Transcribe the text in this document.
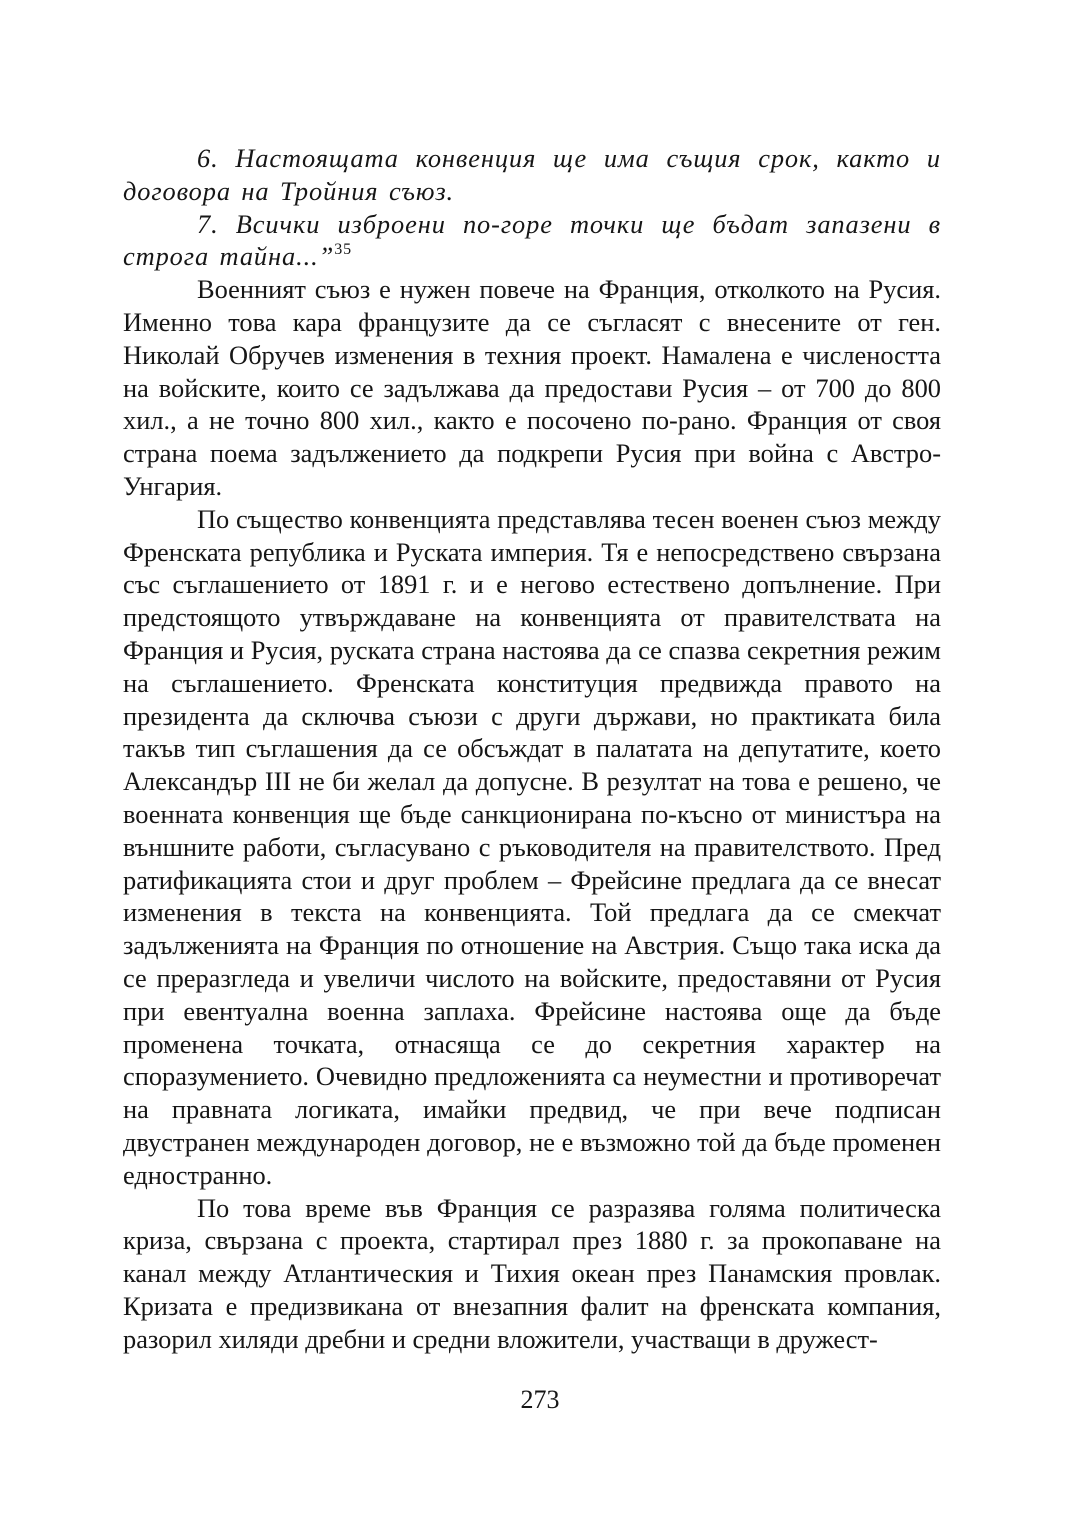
6. Настоящата конвенция ще има същия срок, както и договора на Тройния съюз.

7. Всички изброени по-горе точки ще бъдат запазени в строга тайна...”$^{35}$

Военният съюз е нужен повече на Франция, отколкото на Русия. Именно това кара французите да се съгласят с внесените от ген. Николай Обручев изменения в техния проект. Намалена е числеността на войските, които се задължава да предостави Русия – от 700 до 800 хил., а не точно 800 хил., както е посочено по-рано. Франция от своя страна поема задължението да подкрепи Русия при война с Австро-Унгария.

По същество конвенцията представлява тесен военен съюз между Френската република и Руската империя. Тя е непосредствено свързана със съглашението от 1891 г. и е негово естествено допълнение. При предстоящото утвърждаване на конвенцията от правителствата на Франция и Русия, руската страна настоява да се спазва секретния режим на съглашението. Френската конституция предвижда правото на президента да сключва съюзи с други държави, но практиката била такъв тип съглашения да се обсъждат в палатата на депутатите, което Александър III не би желал да допусне. В резултат на това е решено, че военната конвенция ще бъде санкционирана по-късно от министъра на външните работи, съгласувано с ръководителя на правителството. Пред ратификацията стои и друг проблем – Фрейсине предлага да се внесат изменения в текста на конвенцията. Той предлага да се смекчат задълженията на Франция по отношение на Австрия. Също така иска да се преразгледа и увеличи числото на войските, предоставяни от Русия при евентуална военна заплаха. Фрейсине настоява още да бъде променена точката, отнасяща се до секретния характер на споразумението. Очевидно предложенията са неуместни и противоречат на правната логиката, имайки предвид, че при вече подписан двустранен международен договор, не е възможно той да бъде променен едностранно.

По това време във Франция се разразява голяма политическа криза, свързана с проекта, стартирал през 1880 г. за прокопаване на канал между Атлантическия и Тихия океан през Панамския провлак. Кризата е предизвикана от внезапния фалит на френската компания, разорил хиляди дребни и средни вложители, участващи в дружест-

273
